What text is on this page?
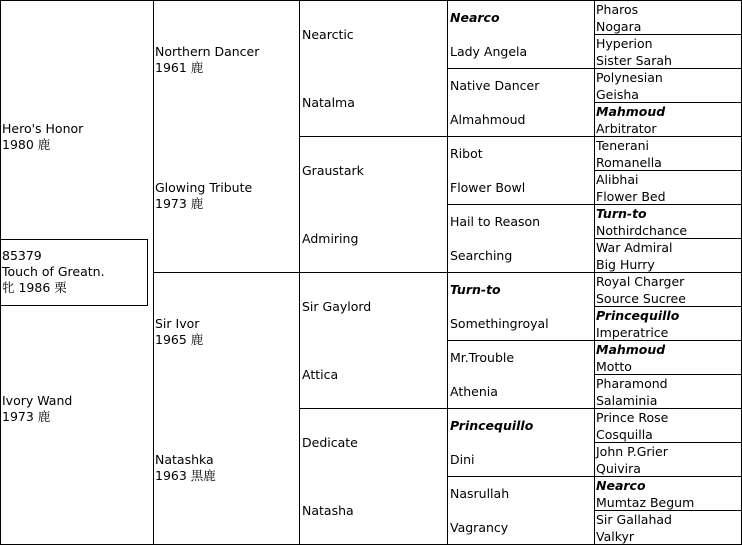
85379
Touch of Greatn.
牝 1986 栗
Hero's Honor
1980 鹿
Ivory Wand
1973 鹿
Northern Dancer
1961 鹿
Glowing Tribute
1973 鹿
Sir Ivor
1965 鹿
Natashka
1963 黒鹿
Nearctic
Natalma
Graustark
Admiring
Sir Gaylord
Attica
Dedicate
Natasha
Nearco
Lady Angela
Native Dancer
Almahmoud
Ribot
Flower Bowl
Hail to Reason
Searching
Turn-to
Somethingroyal
Mr.Trouble
Athenia
Princequillo
Dini
Nasrullah
Vagrancy
Pharos
Nogara
Hyperion
Sister Sarah
Polynesian
Geisha
Mahmoud
Arbitrator
Tenerani
Romanella
Alibhai
Flower Bed
Turn-to
Nothirdchance
War Admiral
Big Hurry
Royal Charger
Source Sucree
Princequillo
Imperatrice
Mahmoud
Motto
Pharamond
Salaminia
Prince Rose
Cosquilla
John P.Grier
Quivira
Nearco
Mumtaz Begum
Sir Gallahad
Valkyr
